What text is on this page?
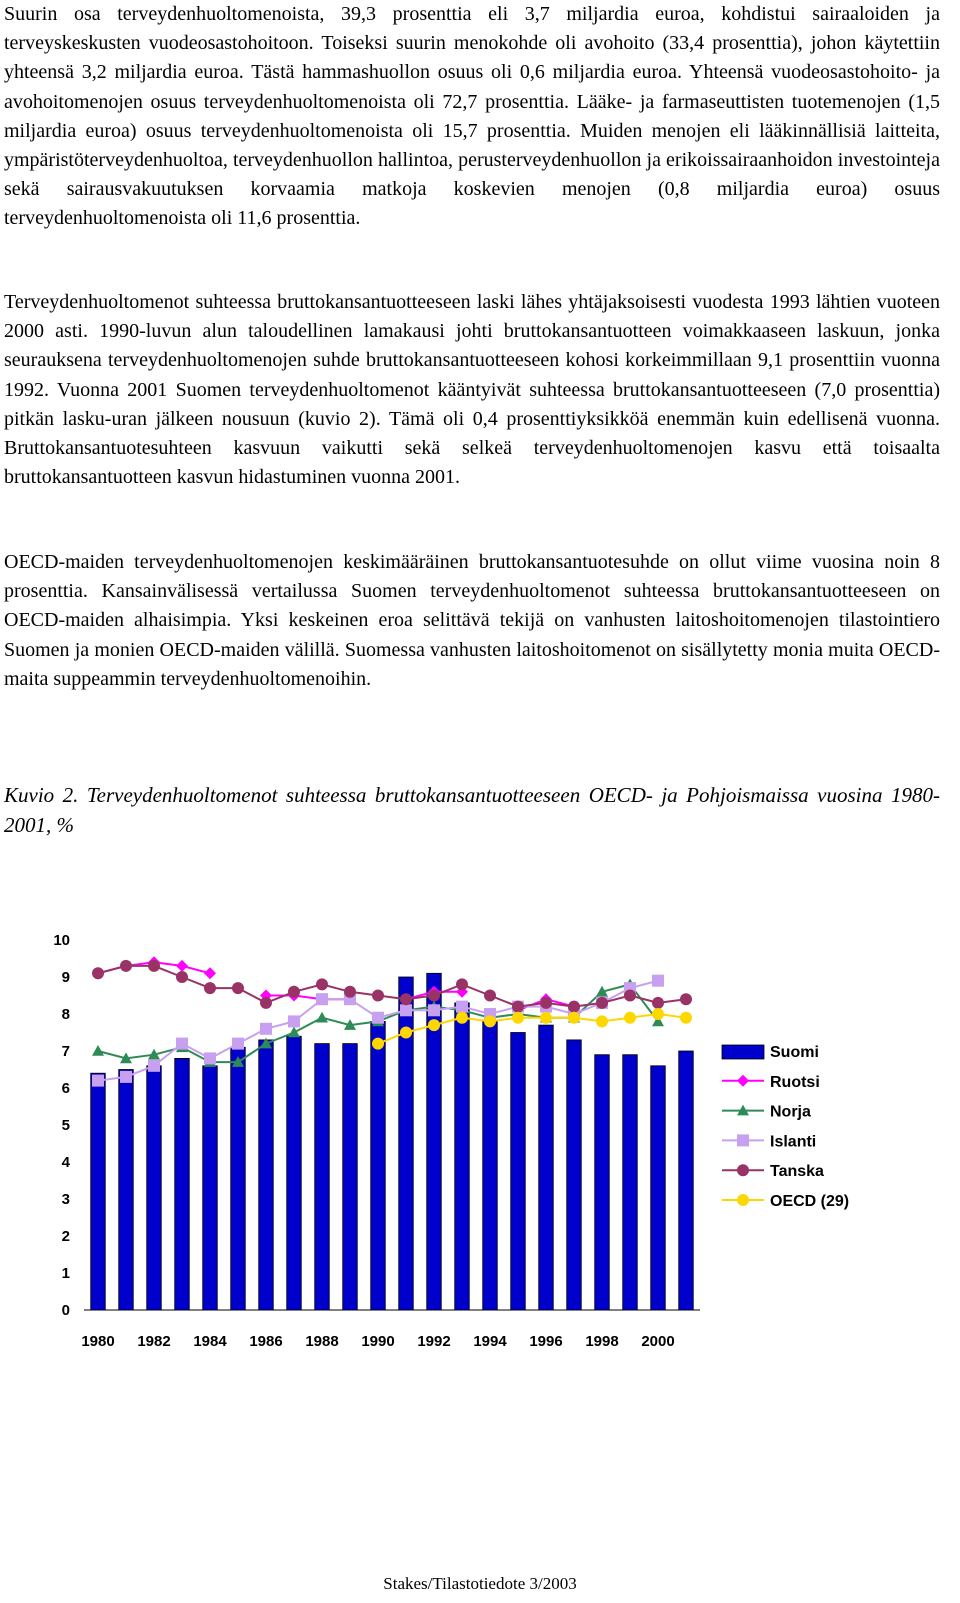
Suurin osa terveydenhuoltomenoista, 39,3 prosenttia eli 3,7 miljardia euroa, kohdistui sairaaloiden ja terveyskeskusten vuodeosastohoitoon. Toiseksi suurin menokohde oli avohoito (33,4 prosenttia), johon käytettiin yhteensä 3,2 miljardia euroa. Tästä hammashuollon osuus oli 0,6 miljardia euroa. Yhteensä vuodeosastohoito- ja avohoitomenojen osuus terveydenhuoltomenoista oli 72,7 prosenttia. Lääke- ja farmaseuttisten tuotemenojen (1,5 miljardia euroa) osuus terveydenhuoltomenoista oli 15,7 prosenttia. Muiden menojen eli lääkinnällisiä laitteita, ympäristöterveydenhuoltoa, terveydenhuollon hallintoa, perusterveydenhuollon ja erikoissairaanhoidon investointeja sekä sairausvakuutuksen korvaamia matkoja koskevien menojen (0,8 miljardia euroa) osuus terveydenhuoltomenoista oli 11,6 prosenttia.

Terveydenhuoltomenot suhteessa bruttokansantuotteeseen laski lähes yhtäjaksoisesti vuodesta 1993 lähtien vuoteen 2000 asti. 1990-luvun alun taloudellinen lamakausi johti bruttokansantuotteen voimakkaaseen laskuun, jonka seurauksena terveydenhuoltomenojen suhde bruttokansantuotteeseen kohosi korkeimmillaan 9,1 prosenttiin vuonna 1992. Vuonna 2001 Suomen terveydenhuoltomenot kääntyivät suhteessa bruttokansantuotteeseen (7,0 prosenttia) pitkän lasku-uran jälkeen nousuun (kuvio 2). Tämä oli 0,4 prosenttiyksikköä enemmän kuin edellisenä vuonna. Bruttokansantuotesuhteen kasvuun vaikutti sekä selkeä terveydenhuoltomenojen kasvu että toisaalta bruttokansantuotteen kasvun hidastuminen vuonna 2001.

OECD-maiden terveydenhuoltomenojen keskimääräinen bruttokansantuotesuhde on ollut viime vuosina noin 8 prosenttia. Kansainvälisessä vertailussa Suomen terveydenhuoltomenot suhteessa bruttokansantuotteeseen on OECD-maiden alhaisimpia. Yksi keskeinen eroa selittävä tekijä on vanhusten laitoshoitomenojen tilastointiero Suomen ja monien OECD-maiden välillä. Suomessa vanhusten laitoshoitomenot on sisällytetty monia muita OECD-maita suppeammin terveydenhuoltomenoihin.

Kuvio 2. Terveydenhuoltomenot suhteessa bruttokansantuotteeseen OECD- ja Pohjoismaissa vuosina 1980-2001, %

0
1
2
3
4
5
6
7
8
9
10
1980 1982 1984 1986 1988 1990 1992 1994 1996 1998 2000
Suomi
Ruotsi
Norja
Islanti
Tanska
OECD (29)
Stakes/Tilastotiedote 3/2003
